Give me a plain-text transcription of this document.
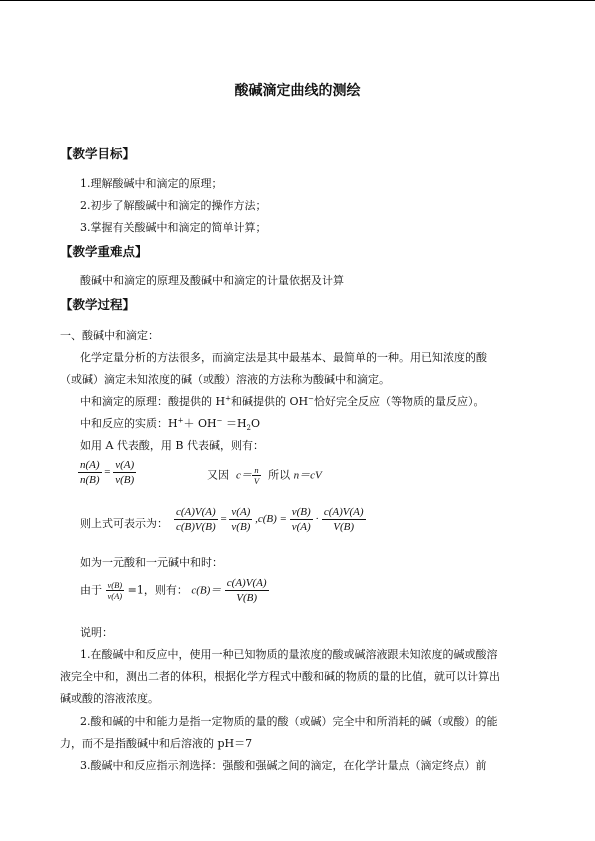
酸碱滴定曲线的测绘
【教学目标】
1.理解酸碱中和滴定的原理；
2.初步了解酸碱中和滴定的操作方法；
3.掌握有关酸碱中和滴定的简单计算；
【教学重难点】
酸碱中和滴定的原理及酸碱中和滴定的计量依据及计算
【教学过程】
一、酸碱中和滴定：
化学定量分析的方法很多，而滴定法是其中最基本、最简单的一种。用已知浓度的酸
（或碱）滴定未知浓度的碱（或酸）溶液的方法称为酸碱中和滴定。
中和滴定的原理：酸提供的 H+和碱提供的 OH−恰好完全反应（等物质的量反应）。
中和反应的实质：$H^++ OH^- =H_2O$
如用 A 代表酸，用 B 代表碱，则有：
$\frac{n(A)}{n(B)} = \frac{v(A)}{v(B)}$	又因 $c= \frac{n}{V}$ 所以 n＝cV
则上式可表示为： $\frac{c(A)V(A)}{c(B)V(B)} = \frac{v(A)}{v(B)} ,c(B) = \frac{v(B)}{v(A)} \cdot \frac{c(A)V(A)}{V(B)}$
如为一元酸和一元碱中和时：
由于 $\frac{v(B)}{v(A)} =1$，则有： $c(B)= \frac{c(A)V(A)}{V(B)}$
说明：
1.在酸碱中和反应中，使用一种已知物质的量浓度的酸或碱溶液跟未知浓度的碱或酸溶
液完全中和，测出二者的体积，根据化学方程式中酸和碱的物质的量的比值，就可以计算出
碱或酸的溶液浓度。
2.酸和碱的中和能力是指一定物质的量的酸（或碱）完全中和所消耗的碱（或酸）的能
力，而不是指酸碱中和后溶液的 pH＝7
3.酸碱中和反应指示剂选择：强酸和强碱之间的滴定，在化学计量点（滴定终点）前
